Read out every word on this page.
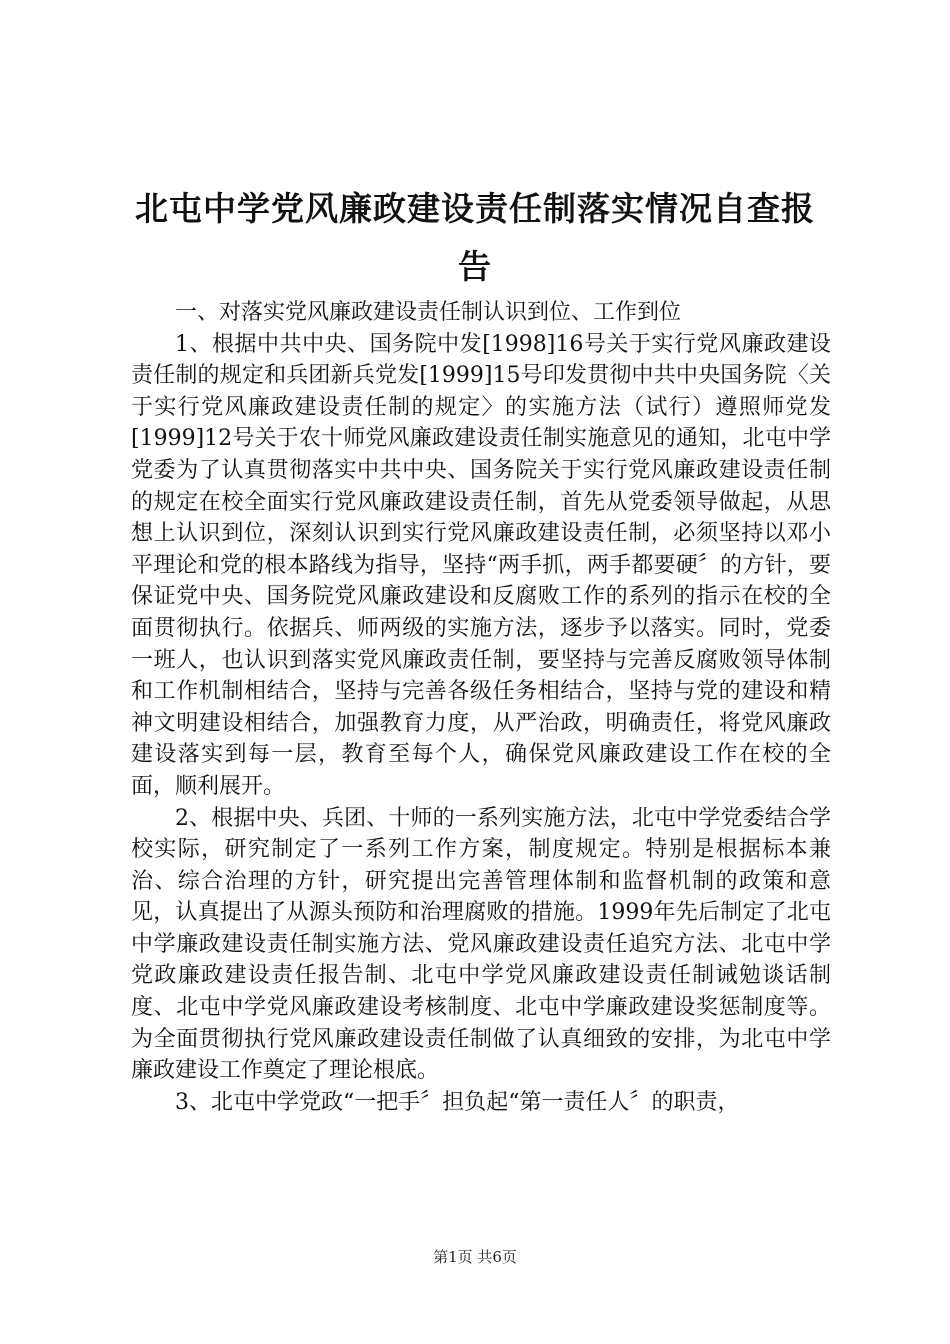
北屯中学党风廉政建设责任制落实情况自查报告

一、对落实党风廉政建设责任制认识到位、工作到位

1、根据中共中央、国务院中发[1998]16号关于实行党风廉政建设责任制的规定和兵团新兵党发[1999]15号印发贯彻中共中央国务院〈关于实行党风廉政建设责任制的规定〉的实施方法（试行）遵照师党发[1999]12号关于农十师党风廉政建设责任制实施意见的通知，北屯中学党委为了认真贯彻落实中共中央、国务院关于实行党风廉政建设责任制的规定在校全面实行党风廉政建设责任制，首先从党委领导做起，从思想上认识到位，深刻认识到实行党风廉政建设责任制，必须坚持以邓小平理论和党的根本路线为指导，坚持“两手抓，两手都要硬〞的方针，要保证党中央、国务院党风廉政建设和反腐败工作的系列的指示在校的全面贯彻执行。依据兵、师两级的实施方法，逐步予以落实。同时，党委一班人，也认识到落实党风廉政责任制，要坚持与完善反腐败领导体制和工作机制相结合，坚持与完善各级任务相结合，坚持与党的建设和精神文明建设相结合，加强教育力度，从严治政，明确责任，将党风廉政建设落实到每一层，教育至每个人，确保党风廉政建设工作在校的全面，顺利展开。

2、根据中央、兵团、十师的一系列实施方法，北屯中学党委结合学校实际，研究制定了一系列工作方案，制度规定。特别是根据标本兼治、综合治理的方针，研究提出完善管理体制和监督机制的政策和意见，认真提出了从源头预防和治理腐败的措施。1999年先后制定了北屯中学廉政建设责任制实施方法、党风廉政建设责任追究方法、北屯中学党政廉政建设责任报告制、北屯中学党风廉政建设责任制诫勉谈话制度、北屯中学党风廉政建设考核制度、北屯中学廉政建设奖惩制度等。为全面贯彻执行党风廉政建设责任制做了认真细致的安排，为北屯中学廉政建设工作奠定了理论根底。

3、北屯中学党政“一把手〞担负起“第一责任人〞的职责，

第1页 共6页
